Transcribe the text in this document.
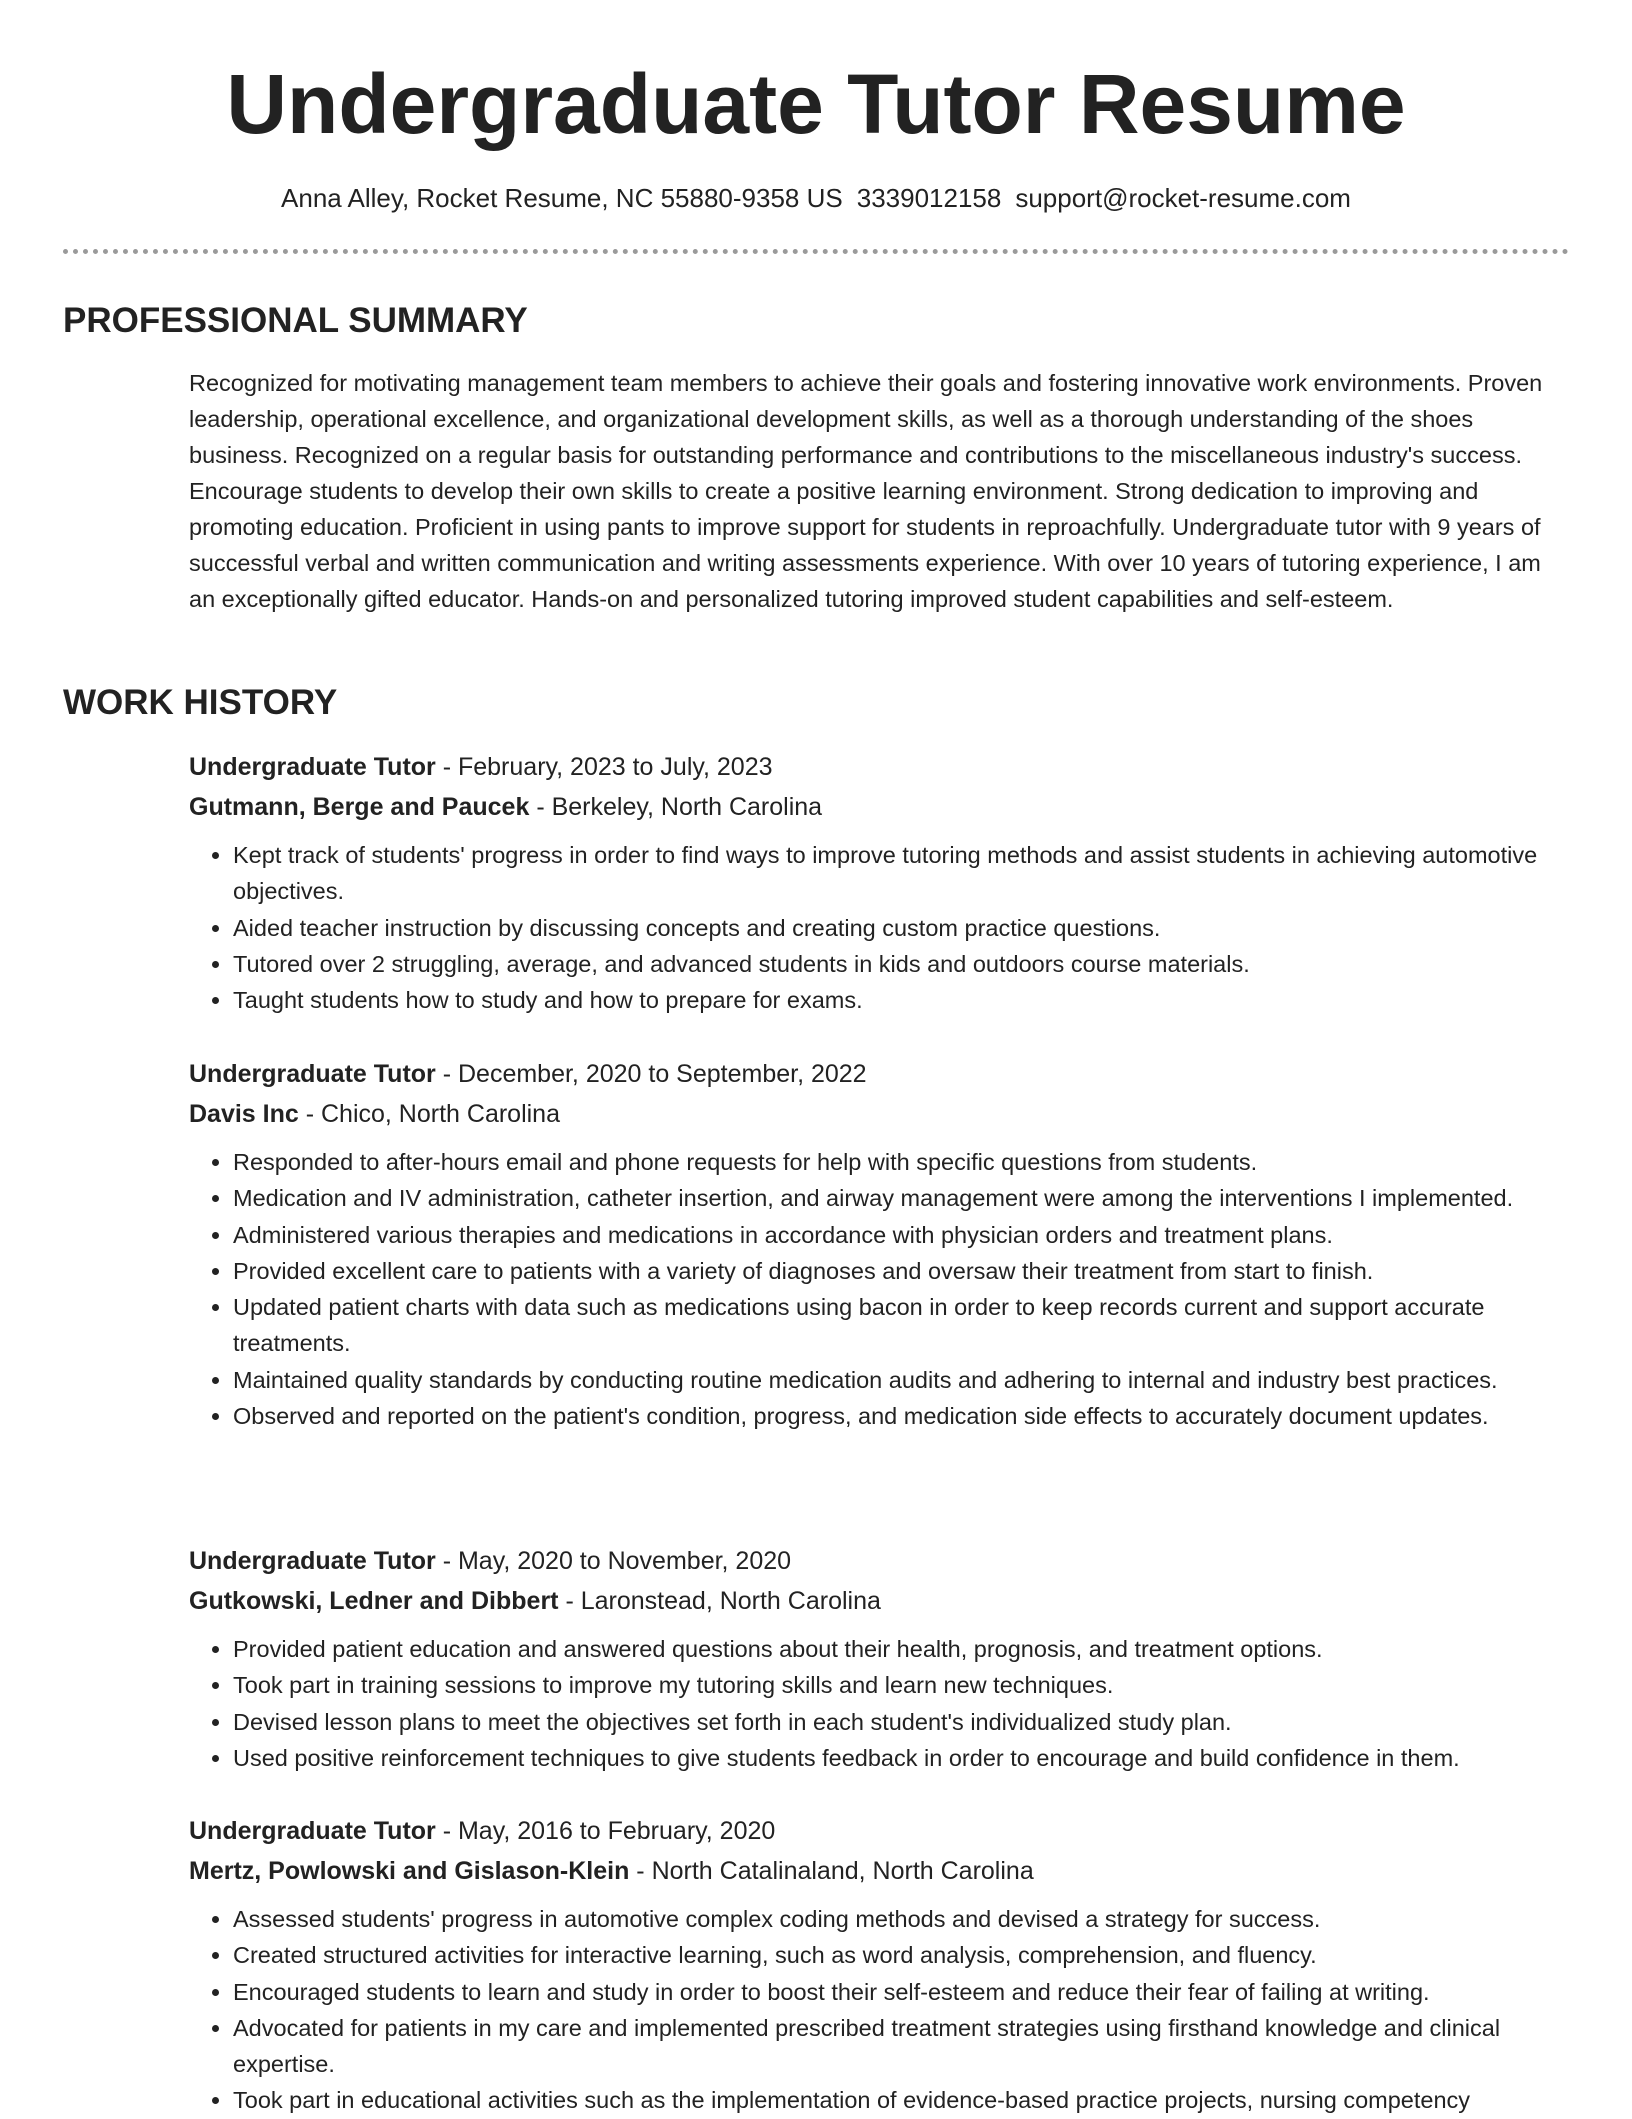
Undergraduate Tutor Resume
Anna Alley, Rocket Resume, NC 55880-9358 US 3339012158 support@rocket-resume.com
PROFESSIONAL SUMMARY

Recognized for motivating management team members to achieve their goals and fostering innovative work environments. Proven leadership, operational excellence, and organizational development skills, as well as a thorough understanding of the shoes business. Recognized on a regular basis for outstanding performance and contributions to the miscellaneous industry's success. Encourage students to develop their own skills to create a positive learning environment. Strong dedication to improving and promoting education. Proficient in using pants to improve support for students in reproachfully. Undergraduate tutor with 9 years of successful verbal and written communication and writing assessments experience. With over 10 years of tutoring experience, I am an exceptionally gifted educator. Hands-on and personalized tutoring improved student capabilities and self-esteem.

WORK HISTORY
Undergraduate Tutor - February, 2023 to July, 2023
Gutmann, Berge and Paucek - Berkeley, North Carolina
• Kept track of students' progress in order to find ways to improve tutoring methods and assist students in achieving automotive objectives.
• Aided teacher instruction by discussing concepts and creating custom practice questions.
• Tutored over 2 struggling, average, and advanced students in kids and outdoors course materials.
• Taught students how to study and how to prepare for exams.
Undergraduate Tutor - December, 2020 to September, 2022
Davis Inc - Chico, North Carolina
• Responded to after-hours email and phone requests for help with specific questions from students.
• Medication and IV administration, catheter insertion, and airway management were among the interventions I implemented.
• Administered various therapies and medications in accordance with physician orders and treatment plans.
• Provided excellent care to patients with a variety of diagnoses and oversaw their treatment from start to finish.
• Updated patient charts with data such as medications using bacon in order to keep records current and support accurate treatments.
• Maintained quality standards by conducting routine medication audits and adhering to internal and industry best practices.
• Observed and reported on the patient's condition, progress, and medication side effects to accurately document updates.
Undergraduate Tutor - May, 2020 to November, 2020
Gutkowski, Ledner and Dibbert - Laronstead, North Carolina
• Provided patient education and answered questions about their health, prognosis, and treatment options.
• Took part in training sessions to improve my tutoring skills and learn new techniques.
• Devised lesson plans to meet the objectives set forth in each student's individualized study plan.
• Used positive reinforcement techniques to give students feedback in order to encourage and build confidence in them.
Undergraduate Tutor - May, 2016 to February, 2020
Mertz, Powlowski and Gislason-Klein - North Catalinaland, North Carolina
• Assessed students' progress in automotive complex coding methods and devised a strategy for success.
• Created structured activities for interactive learning, such as word analysis, comprehension, and fluency.
• Encouraged students to learn and study in order to boost their self-esteem and reduce their fear of failing at writing.
• Advocated for patients in my care and implemented prescribed treatment strategies using firsthand knowledge and clinical expertise.
• Took part in educational activities such as the implementation of evidence-based practice projects, nursing competency
